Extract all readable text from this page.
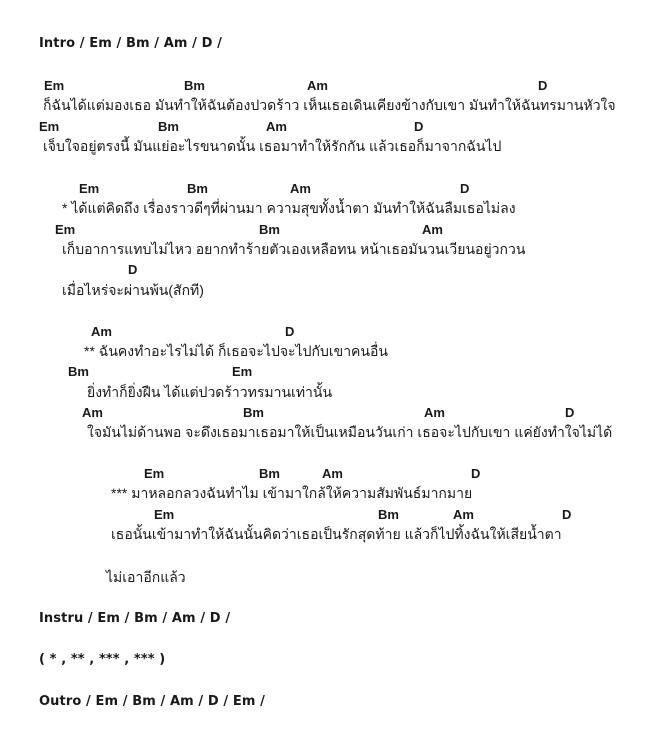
Intro / Em / Bm / Am / D /
Em	Bm	Am	D
ก็ฉันได้แต่มองเธอ มันทำให้ฉันต้องปวดร้าว เห็นเธอเดินเคียงข้างกับเขา มันทำให้ฉันทรมานหัวใจ
Em	Bm	Am	D
เจ็บใจอยู่ตรงนี้ มันแย่อะไรขนาดนั้น เธอมาทำให้รักกัน แล้วเธอก็มาจากฉันไป
Em	Bm	Am	D
* ได้แต่คิดถึง เรื่องราวดีๆที่ผ่านมา ความสุขทั้งน้ำตา มันทำให้ฉันลืมเธอไม่ลง
Em	Bm	Am
เก็บอาการแทบไม่ไหว อยากทำร้ายตัวเองเหลือทน หน้าเธอมันวนเวียนอยู่วกวน
D
เมื่อไหร่จะผ่านพ้น(สักที)
Am	D
** ฉันคงทำอะไรไม่ได้ ก็เธอจะไปจะไปกับเขาคนอื่น
Bm	Em
ยิ่งทำก็ยิ่งฝืน ได้แต่ปวดร้าวทรมานเท่านั้น
Am	Bm	Am	D
ใจมันไม่ด้านพอ จะดึงเธอมาเธอมาให้เป็นเหมือนวันเก่า เธอจะไปกับเขา แค่ยังทำใจไม่ได้
Em	Bm	Am	D
*** มาหลอกลวงฉันทำไม เข้ามาใกล้ให้ความสัมพันธ์มากมาย
Em	Bm	Am	D
เธอนั้นเข้ามาทำให้ฉันนั้นคิดว่าเธอเป็นรักสุดท้าย แล้วก็ไปทิ้งฉันให้เสียน้ำตา
ไม่เอาอีกแล้ว
Instru / Em / Bm / Am / D /
( * , ** , *** , *** )
Outro / Em / Bm / Am / D / Em /
